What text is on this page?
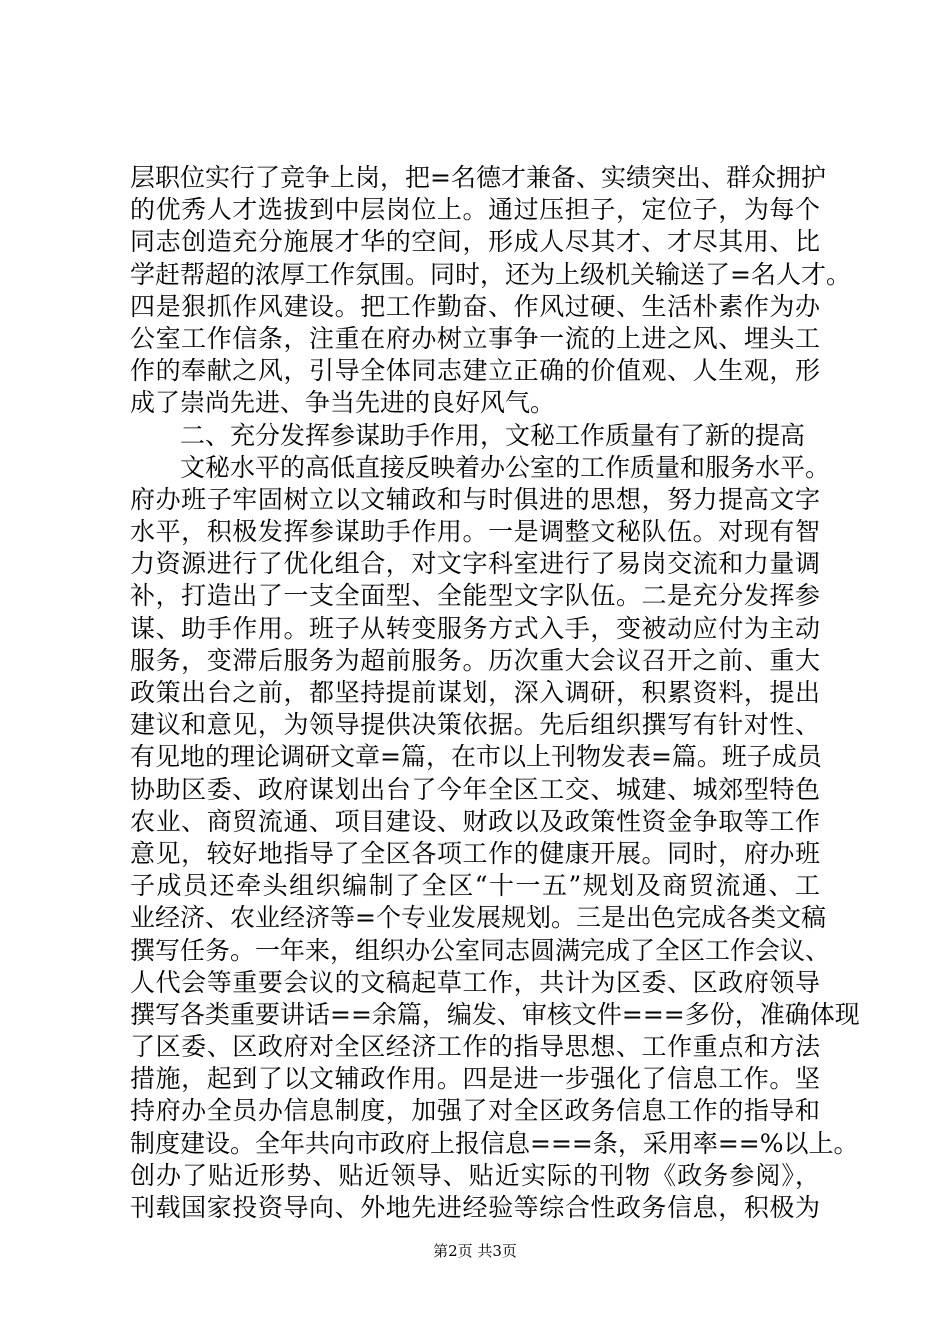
层职位实行了竞争上岗，把=名德才兼备、实绩突出、群众拥护
的优秀人才选拔到中层岗位上。通过压担子，定位子，为每个
同志创造充分施展才华的空间，形成人尽其才、才尽其用、比
学赶帮超的浓厚工作氛围。同时，还为上级机关输送了=名人才。
四是狠抓作风建设。把工作勤奋、作风过硬、生活朴素作为办
公室工作信条，注重在府办树立事争一流的上进之风、埋头工
作的奉献之风，引导全体同志建立正确的价值观、人生观，形
成了崇尚先进、争当先进的良好风气。
二、充分发挥参谋助手作用，文秘工作质量有了新的提高
文秘水平的高低直接反映着办公室的工作质量和服务水平。
府办班子牢固树立以文辅政和与时俱进的思想，努力提高文字
水平，积极发挥参谋助手作用。一是调整文秘队伍。对现有智
力资源进行了优化组合，对文字科室进行了易岗交流和力量调
补，打造出了一支全面型、全能型文字队伍。二是充分发挥参
谋、助手作用。班子从转变服务方式入手，变被动应付为主动
服务，变滞后服务为超前服务。历次重大会议召开之前、重大
政策出台之前，都坚持提前谋划，深入调研，积累资料，提出
建议和意见，为领导提供决策依据。先后组织撰写有针对性、
有见地的理论调研文章=篇，在市以上刊物发表=篇。班子成员
协助区委、政府谋划出台了今年全区工交、城建、城郊型特色
农业、商贸流通、项目建设、财政以及政策性资金争取等工作
意见，较好地指导了全区各项工作的健康开展。同时，府办班
子成员还牵头组织编制了全区“十一五”规划及商贸流通、工
业经济、农业经济等=个专业发展规划。三是出色完成各类文稿
撰写任务。一年来，组织办公室同志圆满完成了全区工作会议、
人代会等重要会议的文稿起草工作，共计为区委、区政府领导
撰写各类重要讲话==余篇，编发、审核文件===多份，准确体现
了区委、区政府对全区经济工作的指导思想、工作重点和方法
措施，起到了以文辅政作用。四是进一步强化了信息工作。坚
持府办全员办信息制度，加强了对全区政务信息工作的指导和
制度建设。全年共向市政府上报信息===条，采用率==%以上。
创办了贴近形势、贴近领导、贴近实际的刊物《政务参阅》，
刊载国家投资导向、外地先进经验等综合性政务信息，积极为
第2页 共3页
